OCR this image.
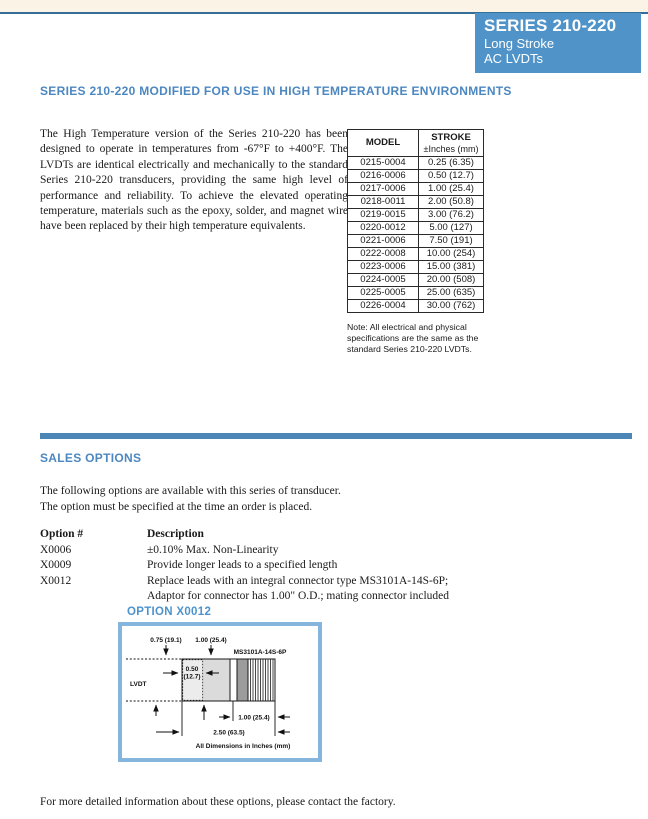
SERIES 210-220
Long Stroke
AC LVDTs
SERIES 210-220 MODIFIED FOR USE IN HIGH TEMPERATURE ENVIRONMENTS
The High Temperature version of the Series 210-220 has been designed to operate in temperatures from -67°F to +400°F. The LVDTs are identical electrically and mechanically to the standard Series 210-220 transducers, providing the same high level of performance and reliability. To achieve the elevated operating temperature, materials such as the epoxy, solder, and magnet wire have been replaced by their high temperature equivalents.
MODEL	STROKE
±Inches (mm)

0215-0004	0.25 (6.35)
0216-0006	0.50 (12.7)
0217-0006	1.00 (25.4)
0218-0011	2.00 (50.8)
0219-0015	3.00 (76.2)
0220-0012	5.00 (127)
0221-0006	7.50 (191)
0222-0008	10.00 (254)
0223-0006	15.00 (381)
0224-0005	20.00 (508)
0225-0005	25.00 (635)
0226-0004	30.00 (762)
Note: All electrical and physical specifications are the same as the standard Series 210-220 LVDTs.
SALES OPTIONS
The following options are available with this series of transducer.
The option must be specified at the time an order is placed.
Option #	Description
X0006	±0.10% Max. Non-Linearity
X0009	Provide longer leads to a specified length
X0012	Replace leads with an integral connector type MS3101A-14S-6P;
Adaptor for connector has 1.00" O.D.; mating connector included
OPTION X0012
0.75 (19.1) 1.00 (25.4)
MS3101A-14S-6P
0.50
(12.7)
LVDT
1.00 (25.4)
2.50 (63.5)
All Dimensions in Inches (mm)
For more detailed information about these options, please contact the factory.
